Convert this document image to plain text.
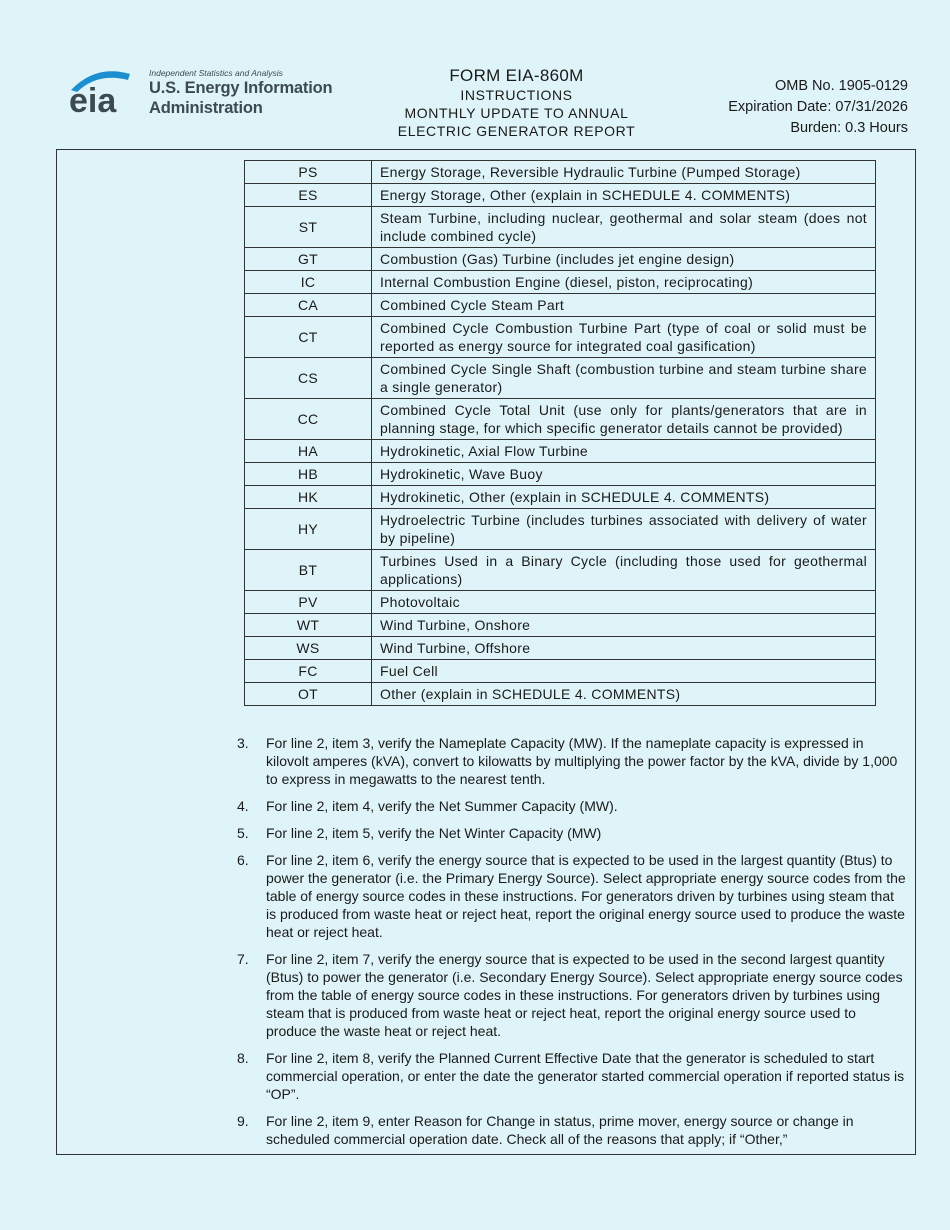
eia
Independent Statistics and Analysis
U.S. Energy Information
Administration
FORM EIA-860M
INSTRUCTIONS
MONTHLY UPDATE TO ANNUAL
ELECTRIC GENERATOR REPORT
OMB No. 1905-0129
Expiration Date: 07/31/2026
Burden: 0.3 Hours
PS	Energy Storage, Reversible Hydraulic Turbine (Pumped Storage)
ES	Energy Storage, Other (explain in SCHEDULE 4. COMMENTS)
ST	Steam Turbine, including nuclear, geothermal and solar steam (does not include combined cycle)
GT	Combustion (Gas) Turbine (includes jet engine design)
IC	Internal Combustion Engine (diesel, piston, reciprocating)
CA	Combined Cycle Steam Part
CT	Combined Cycle Combustion Turbine Part (type of coal or solid must be reported as energy source for integrated coal gasification)
CS	Combined Cycle Single Shaft (combustion turbine and steam turbine share a single generator)
CC	Combined Cycle Total Unit (use only for plants/generators that are in planning stage, for which specific generator details cannot be provided)
HA	Hydrokinetic, Axial Flow Turbine
HB	Hydrokinetic, Wave Buoy
HK	Hydrokinetic, Other (explain in SCHEDULE 4. COMMENTS)
HY	Hydroelectric Turbine (includes turbines associated with delivery of water by pipeline)
BT	Turbines Used in a Binary Cycle (including those used for geothermal applications)
PV	Photovoltaic
WT	Wind Turbine, Onshore
WS	Wind Turbine, Offshore
FC	Fuel Cell
OT	Other (explain in SCHEDULE 4. COMMENTS)
3. For line 2, item 3, verify the Nameplate Capacity (MW). If the nameplate capacity is expressed in kilovolt amperes (kVA), convert to kilowatts by multiplying the power factor by the kVA, divide by 1,000 to express in megawatts to the nearest tenth.
4. For line 2, item 4, verify the Net Summer Capacity (MW).
5. For line 2, item 5, verify the Net Winter Capacity (MW)
6. For line 2, item 6, verify the energy source that is expected to be used in the largest quantity (Btus) to power the generator (i.e. the Primary Energy Source). Select appropriate energy source codes from the table of energy source codes in these instructions. For generators driven by turbines using steam that is produced from waste heat or reject heat, report the original energy source used to produce the waste heat or reject heat.
7. For line 2, item 7, verify the energy source that is expected to be used in the second largest quantity (Btus) to power the generator (i.e. Secondary Energy Source). Select appropriate energy source codes from the table of energy source codes in these instructions. For generators driven by turbines using steam that is produced from waste heat or reject heat, report the original energy source used to produce the waste heat or reject heat.
8. For line 2, item 8, verify the Planned Current Effective Date that the generator is scheduled to start commercial operation, or enter the date the generator started commercial operation if reported status is “OP”.
9. For line 2, item 9, enter Reason for Change in status, prime mover, energy source or change in scheduled commercial operation date. Check all of the reasons that apply; if “Other,”
